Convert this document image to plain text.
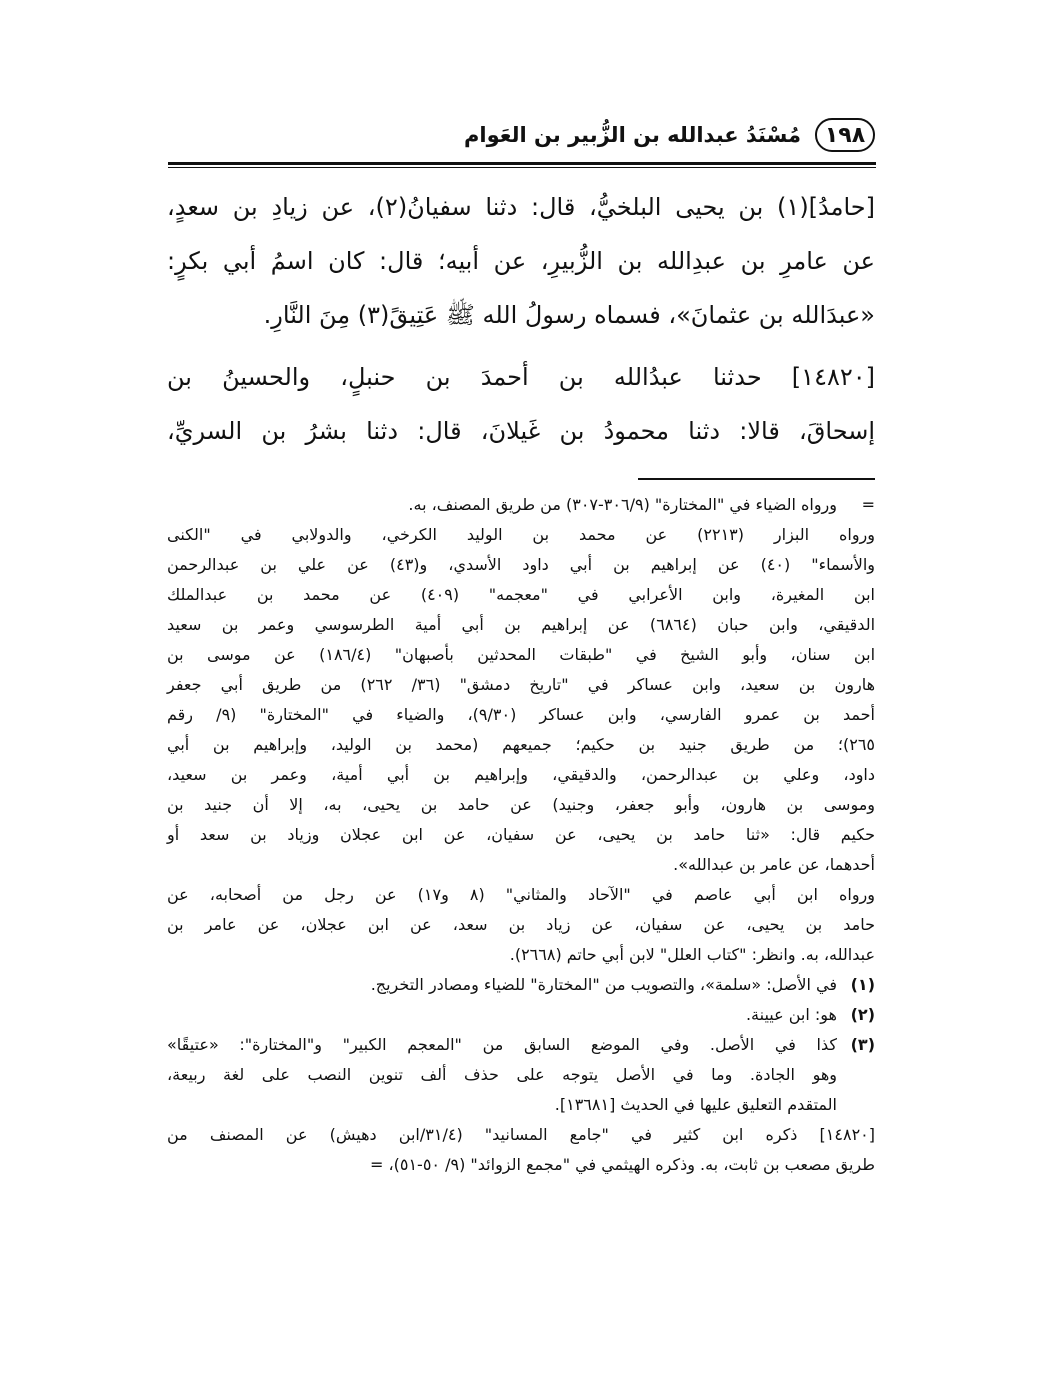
١٩٨
مُسْنَدُ عبدالله بن الزُّبير بن العَوام

[حامدُ](١) بن يحيى البلخيُّ، قال: دثنا سفيانُ(٢)، عن زيادِ بن سعدٍ،
عن عامرِ بن عبدِالله بن الزُّبيرِ، عن أبيه؛ قال: كان اسمُ أبي بكرٍ:
«عبدَالله بن عثمانَ»، فسماه رسولُ الله ﷺ عَتِيقً(٣) مِنَ النَّارِ.

[١٤٨٢٠] حدثنا عبدُالله بن أحمدَ بن حنبلٍ، والحسينُ بن
إسحاقَ، قالا: دثنا محمودُ بن غَيلانَ، قال: دثنا بشرُ بن السريِّ،

=
ورواه الضياء في "المختارة" (٣٠٦/٩-٣٠٧) من طريق المصنف، به.
ورواه البزار (٢٢١٣) عن محمد بن الوليد الكرخي، والدولابي في "الكنى
والأسماء" (٤٠) عن إبراهيم بن أبي داود الأسدي، و(٤٣) عن علي بن عبدالرحمن
ابن المغيرة، وابن الأعرابي في "معجمه" (٤٠٩) عن محمد بن عبدالملك
الدقيقي، وابن حبان (٦٨٦٤) عن إبراهيم بن أبي أمية الطرسوسي وعمر بن سعيد
ابن سنان، وأبو الشيخ في "طبقات المحدثين بأصبهان" (١٨٦/٤) عن موسى بن
هارون بن سعيد، وابن عساكر في "تاريخ دمشق" (٣٦/ ٢٦٢) من طريق أبي جعفر
أحمد بن عمرو الفارسي، وابن عساكر (٩/٣٠)، والضياء في "المختارة" (٩/ رقم
٢٦٥)؛ من طريق جنيد بن حكيم؛ جميعهم (محمد بن الوليد، وإبراهيم بن أبي
داود، وعلي بن عبدالرحمن، والدقيقي، وإبراهيم بن أبي أمية، وعمر بن سعيد،
وموسى بن هارون، وأبو جعفر، وجنيد) عن حامد بن يحيى، به، إلا أن جنيد بن
حكيم قال: «ثنا حامد بن يحيى، عن سفيان، عن ابن عجلان وزياد بن سعد أو
أحدهما، عن عامر بن عبدالله».
ورواه ابن أبي عاصم في "الآحاد والمثاني" (٨ و١٧) عن رجل من أصحابه، عن
حامد بن يحيى، عن سفيان، عن زياد بن سعد، عن ابن عجلان، عن عامر بن
عبدالله، به. وانظر: "كتاب العلل" لابن أبي حاتم (٢٦٦٨).
(١)
في الأصل: «سلمة»، والتصويب من "المختارة" للضياء ومصادر التخريج.
(٢)
هو: ابن عيينة.
(٣)
كذا في الأصل. وفي الموضع السابق من "المعجم الكبير" و"المختارة": «عتيقًا»
وهو الجادة. وما في الأصل يتوجه على حذف ألف تنوين النصب على لغة ربيعة،
المتقدم التعليق عليها في الحديث [١٣٦٨١].
[١٤٨٢٠] ذكره ابن كثير في "جامع المسانيد" (٣١/٤/ابن دهيش) عن المصنف من
طريق مصعب بن ثابت، به. وذكره الهيثمي في "مجمع الزوائد" (٩/ ٥٠-٥١)، =
